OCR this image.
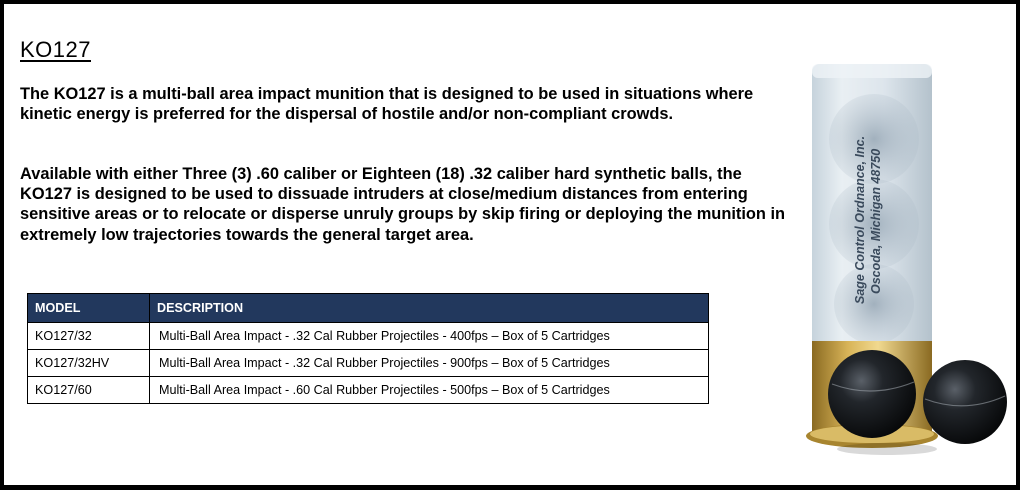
KO127

The KO127 is a multi-ball area impact munition that is designed to be used in situations where kinetic energy is preferred for the dispersal of hostile and/or non-compliant crowds.

Available with either Three (3) .60 caliber or Eighteen (18) .32 caliber hard synthetic balls, the KO127 is designed to be used to dissuade intruders at close/medium distances from entering sensitive areas or to relocate or disperse unruly groups by skip firing or deploying the munition in extremely low trajectories towards the general target area.

MODEL	DESCRIPTION
KO127/32	Multi-Ball Area Impact - .32 Cal Rubber Projectiles - 400fps – Box of 5 Cartridges
KO127/32HV	Multi-Ball Area Impact - .32 Cal Rubber Projectiles - 900fps – Box of 5 Cartridges
KO127/60	Multi-Ball Area Impact - .60 Cal Rubber Projectiles - 500fps – Box of 5 Cartridges
Sage Control Ordnance, Inc. Oscoda, Michigan 48750
